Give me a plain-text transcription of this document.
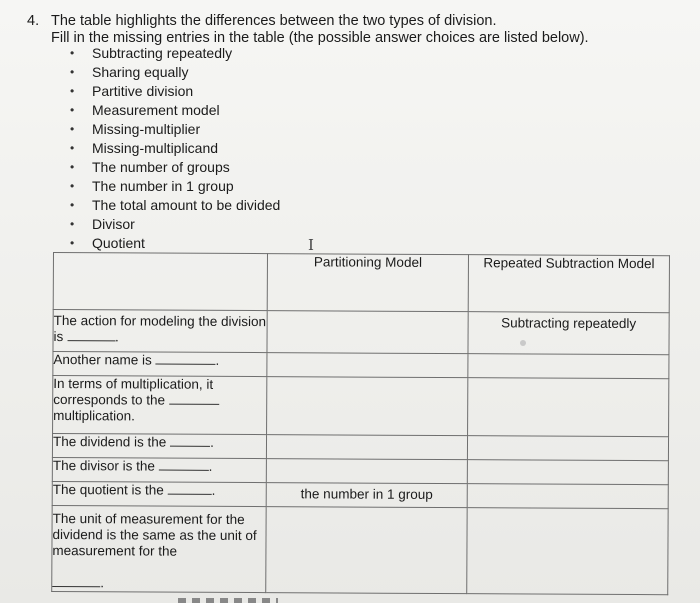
4. The table highlights the differences between the two types of division.
Fill in the missing entries in the table (the possible answer choices are listed below).
• Subtracting repeatedly
• Sharing equally
• Partitive division
• Measurement model
• Missing-multiplier
• Missing-multiplicand
• The number of groups
• The number in 1 group
• The total amount to be divided
• Divisor
• Quotient	I
	Partitioning Model	Repeated Subtraction Model
The action for modeling the division is .		Subtracting repeatedly
Another name is .		
In terms of multiplication, it corresponds to the  multiplication.		
The dividend is the .		
The divisor is the .		
The quotient is the .	the number in 1 group	
The unit of measurement for the dividend is the same as the unit of measurement for the

.		
